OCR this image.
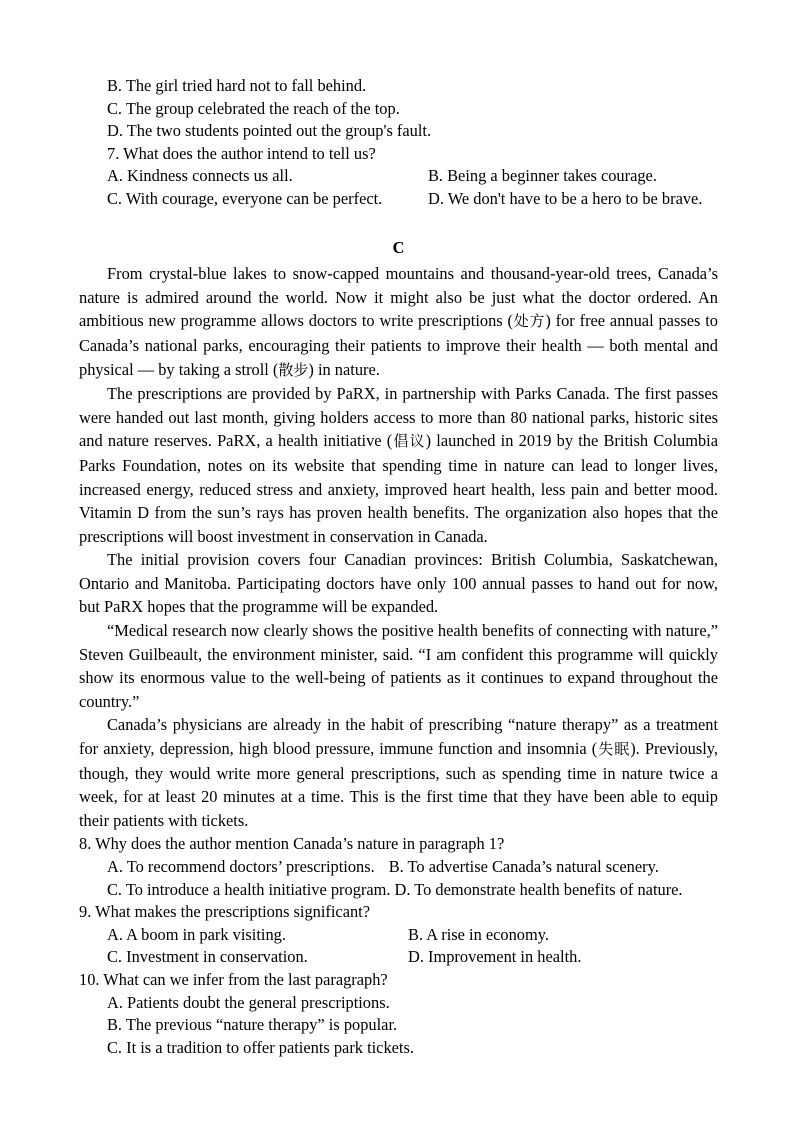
B. The girl tried hard not to fall behind.
C. The group celebrated the reach of the top.
D. The two students pointed out the group's fault.
7. What does the author intend to tell us?
A. Kindness connects us all.	B. Being a beginner takes courage.
C. With courage, everyone can be perfect.	D. We don't have to be a hero to be brave.
C

From crystal-blue lakes to snow-capped mountains and thousand-year-old trees, Canada’s nature is admired around the world. Now it might also be just what the doctor ordered. An ambitious new programme allows doctors to write prescriptions (处方) for free annual passes to Canada’s national parks, encouraging their patients to improve their health — both mental and physical — by taking a stroll (散步) in nature.

The prescriptions are provided by PaRX, in partnership with Parks Canada. The first passes were handed out last month, giving holders access to more than 80 national parks, historic sites and nature reserves. PaRX, a health initiative (倡议) launched in 2019 by the British Columbia Parks Foundation, notes on its website that spending time in nature can lead to longer lives, increased energy, reduced stress and anxiety, improved heart health, less pain and better mood. Vitamin D from the sun’s rays has proven health benefits. The organization also hopes that the prescriptions will boost investment in conservation in Canada.

The initial provision covers four Canadian provinces: British Columbia, Saskatchewan, Ontario and Manitoba. Participating doctors have only 100 annual passes to hand out for now, but PaRX hopes that the programme will be expanded.

“Medical research now clearly shows the positive health benefits of connecting with nature,” Steven Guilbeault, the environment minister, said. “I am confident this programme will quickly show its enormous value to the well-being of patients as it continues to expand throughout the country.”

Canada’s physicians are already in the habit of prescribing “nature therapy” as a treatment for anxiety, depression, high blood pressure, immune function and insomnia (失眠). Previously, though, they would write more general prescriptions, such as spending time in nature twice a week, for at least 20 minutes at a time. This is the first time that they have been able to equip their patients with tickets.

8. Why does the author mention Canada’s nature in paragraph 1?
A. To recommend doctors’ prescriptions. B. To advertise Canada’s natural scenery.
C. To introduce a health initiative program. D. To demonstrate health benefits of nature.
9. What makes the prescriptions significant?
A. A boom in park visiting.	B. A rise in economy.
C. Investment in conservation.	D. Improvement in health.
10. What can we infer from the last paragraph?
A. Patients doubt the general prescriptions.
B. The previous “nature therapy” is popular.
C. It is a tradition to offer patients park tickets.
